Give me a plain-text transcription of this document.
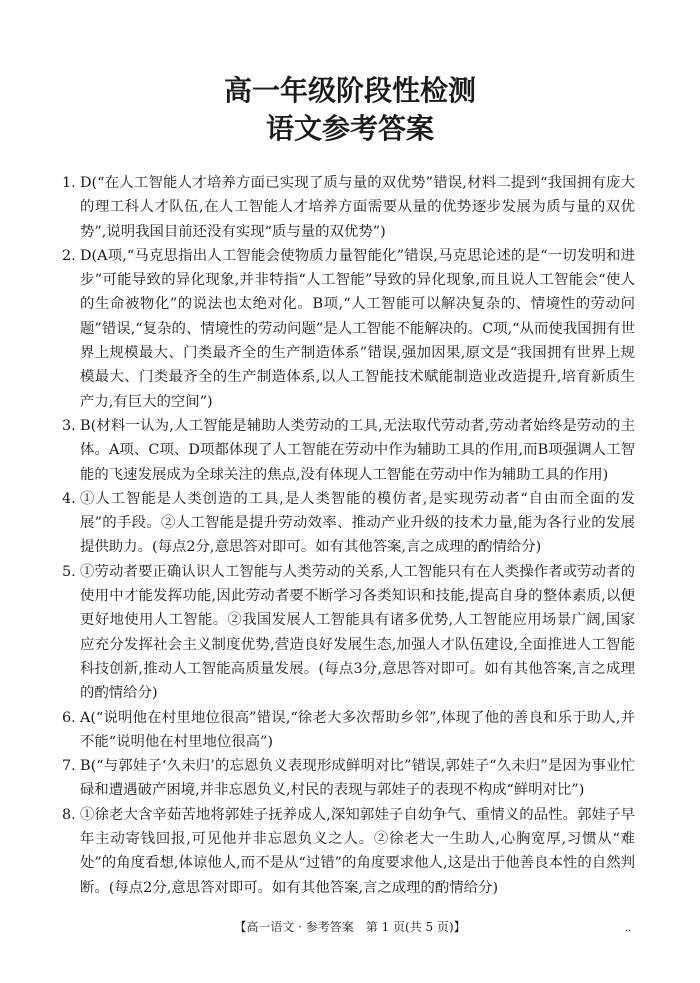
高一年级阶段性检测
语文参考答案
1. D(“在人工智能人才培养方面已实现了质与量的双优势”错误,材料二提到“我国拥有庞大的理工科人才队伍,在人工智能人才培养方面需要从量的优势逐步发展为质与量的双优势”,说明我国目前还没有实现“质与量的双优势”)
2. D(A项,“马克思指出人工智能会使物质力量智能化”错误,马克思论述的是“一切发明和进步”可能导致的异化现象,并非特指“人工智能”导致的异化现象,而且说人工智能会“使人的生命被物化”的说法也太绝对化。B项,“人工智能可以解决复杂的、情境性的劳动问题”错误,“复杂的、情境性的劳动问题”是人工智能不能解决的。C项,“从而使我国拥有世界上规模最大、门类最齐全的生产制造体系”错误,强加因果,原文是“我国拥有世界上规模最大、门类最齐全的生产制造体系,以人工智能技术赋能制造业改造提升,培育新质生产力,有巨大的空间”)
3. B(材料一认为,人工智能是辅助人类劳动的工具,无法取代劳动者,劳动者始终是劳动的主体。A项、C项、D项都体现了人工智能在劳动中作为辅助工具的作用,而B项强调人工智能的飞速发展成为全球关注的焦点,没有体现人工智能在劳动中作为辅助工具的作用)
4. ①人工智能是人类创造的工具,是人类智能的模仿者,是实现劳动者“自由而全面的发展”的手段。②人工智能是提升劳动效率、推动产业升级的技术力量,能为各行业的发展提供助力。(每点2分,意思答对即可。如有其他答案,言之成理的酌情给分)
5. ①劳动者要正确认识人工智能与人类劳动的关系,人工智能只有在人类操作者或劳动者的使用中才能发挥功能,因此劳动者要不断学习各类知识和技能,提高自身的整体素质,以便更好地使用人工智能。②我国发展人工智能具有诸多优势,人工智能应用场景广阔,国家应充分发挥社会主义制度优势,营造良好发展生态,加强人才队伍建设,全面推进人工智能科技创新,推动人工智能高质量发展。(每点3分,意思答对即可。如有其他答案,言之成理的酌情给分)
6. A(“说明他在村里地位很高”错误,“徐老大多次帮助乡邻”,体现了他的善良和乐于助人,并不能“说明他在村里地位很高”)
7. B(“与郭娃子‘久未归’的忘恩负义表现形成鲜明对比”错误,郭娃子“久未归”是因为事业忙碌和遭遇破产困境,并非忘恩负义,村民的表现与郭娃子的表现不构成“鲜明对比”)
8. ①徐老大含辛茹苦地将郭娃子抚养成人,深知郭娃子自幼争气、重情义的品性。郭娃子早年主动寄钱回报,可见他并非忘恩负义之人。②徐老大一生助人,心胸宽厚,习惯从“难处”的角度看想,体谅他人,而不是从“过错”的角度要求他人,这是出于他善良本性的自然判断。(每点2分,意思答对即可。如有其他答案,言之成理的酌情给分)
【高一语文 · 参考答案　第 1 页(共 5 页)】	··
